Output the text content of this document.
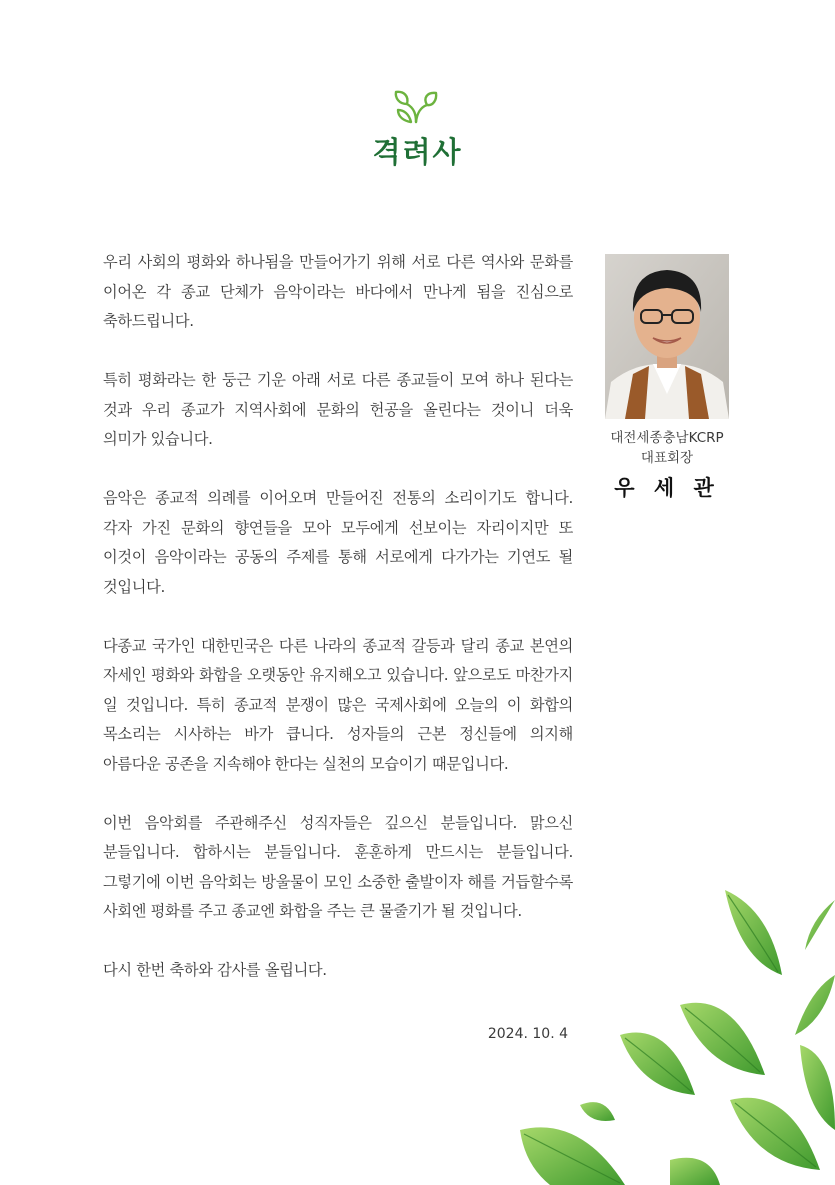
격려사

우리 사회의 평화와 하나됨을 만들어가기 위해 서로 다른 역사와 문화를 이어온 각 종교 단체가 음악이라는 바다에서 만나게 됨을 진심으로 축하드립니다.

특히 평화라는 한 둥근 기운 아래 서로 다른 종교들이 모여 하나 된다는 것과 우리 종교가 지역사회에 문화의 헌공을 올린다는 것이니 더욱 의미가 있습니다.

음악은 종교적 의례를 이어오며 만들어진 전통의 소리이기도 합니다. 각자 가진 문화의 향연들을 모아 모두에게 선보이는 자리이지만 또 이것이 음악이라는 공동의 주제를 통해 서로에게 다가가는 기연도 될 것입니다.

다종교 국가인 대한민국은 다른 나라의 종교적 갈등과 달리 종교 본연의 자세인 평화와 화합을 오랫동안 유지해오고 있습니다. 앞으로도 마찬가지 일 것입니다. 특히 종교적 분쟁이 많은 국제사회에 오늘의 이 화합의 목소리는 시사하는 바가 큽니다. 성자들의 근본 정신들에 의지해 아름다운 공존을 지속해야 한다는 실천의 모습이기 때문입니다.

이번 음악회를 주관해주신 성직자들은 깊으신 분들입니다. 맑으신 분들입니다. 합하시는 분들입니다. 훈훈하게 만드시는 분들입니다. 그렇기에 이번 음악회는 방울물이 모인 소중한 출발이자 해를 거듭할수록 사회엔 평화를 주고 종교엔 화합을 주는 큰 물줄기가 될 것입니다.

다시 한번 축하와 감사를 올립니다.

대전세종충남KCRP
대표회장
우 세 관
2024. 10. 4
